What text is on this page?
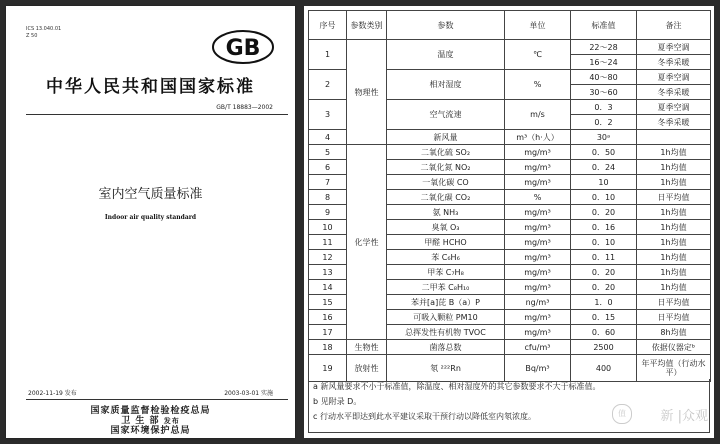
ICS 13.040.01
Z 50	GB
中华人民共和国国家标准
GB/T 18883—2002
室内空气质量标准
Indoor air quality standard
2002-11-19 发布	2003-03-01 实施
国家质量监督检验检疫总局
卫 生 部 发布
国家环境保护总局
序号	参数类别	参数	单位	标准值	备注
1	物理性	温度	℃	22～28	夏季空调
				16～24	冬季采暖
2		相对湿度	%	40～80	夏季空调
				30～60	冬季采暖
3		空气流速	m/s	0．3	夏季空调
				0．2	冬季采暖
4		新风量	m³（h·人）	30ᵃ	
5	化学性	二氧化硫 SO₂	mg/m³	0．50	1h均值
6		二氧化氮 NO₂	mg/m³	0．24	1h均值
7		一氧化碳 CO	mg/m³	10	1h均值
8		二氧化碳 CO₂	%	0．10	日平均值
9		氨 NH₃	mg/m³	0．20	1h均值
10		臭氧 O₃	mg/m³	0．16	1h均值
11		甲醛 HCHO	mg/m³	0．10	1h均值
12		苯 C₆H₆	mg/m³	0．11	1h均值
13		甲苯 C₇H₈	mg/m³	0．20	1h均值
14		二甲苯 C₈H₁₀	mg/m³	0．20	1h均值
15		苯并[a]芘 B（a）P	ng/m³	1．0	日平均值
16		可吸入颗粒 PM10	mg/m³	0．15	日平均值
17		总挥发性有机物 TVOC	mg/m³	0．60	8h均值
18	生物性	菌落总数	cfu/m³	2500	依据仪器定ᵇ
19	放射性	氡 ²²²Rn	Bq/m³	400	年平均值（行动水平）
a 新风量要求不小于标准值，除温度、相对湿度外的其它参数要求不大于标准值。
b 见附录 D。
c 行动水平即达到此水平建议采取干预行动以降低室内氡浓度。	值	新 |众观
